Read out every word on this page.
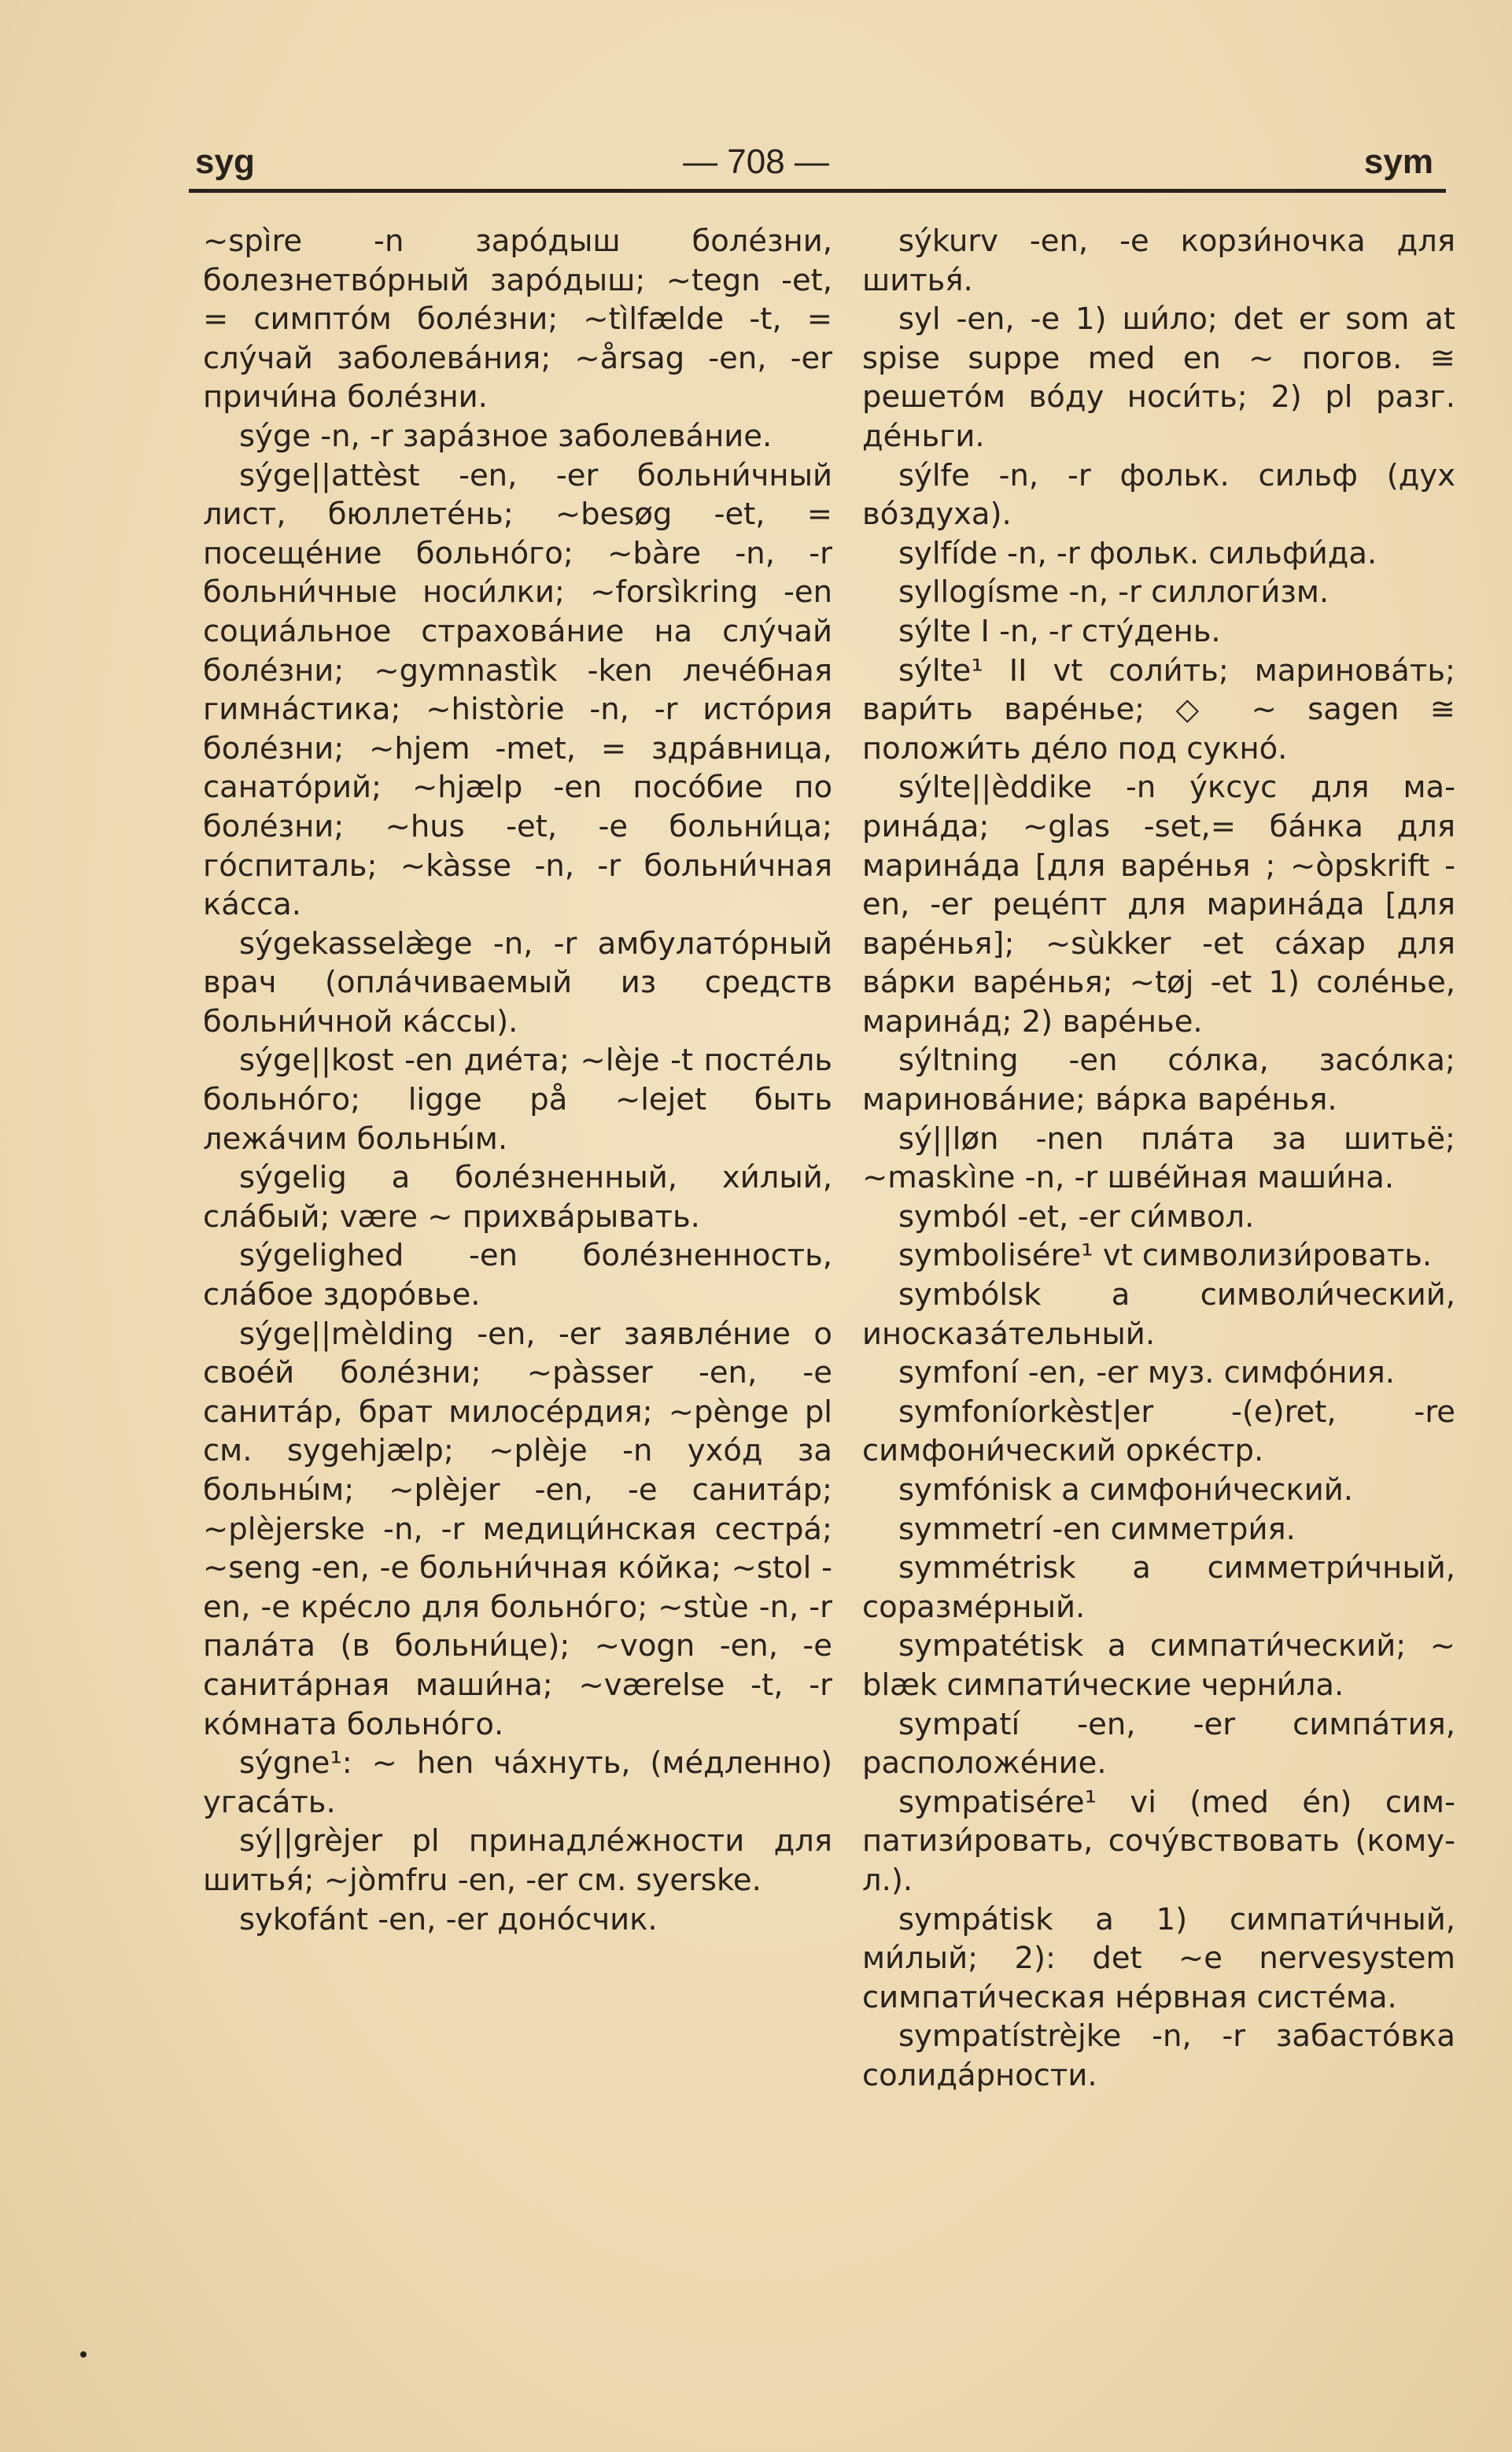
syg	— 708 —	sym

~spìre -n заро́дыш боле́зни, болезнетво́рный заро́дыш; ~tegn -et, = симпто́м боле́зни; ~tìlfælde -t, = слу́чай заболева́ния; ~årsag -en, -er причи́на боле́зни.

sýge -n, -r зара́зное заболева́ние.

sýge||attèst -en, -er больни́чный лист, бюллете́нь; ~besøg -et, = посеще́ние больно́го; ~bàre -n, -r больни́чные носи́лки; ~forsìkring -en социа́льное страхова́ние на слу́чай боле́зни; ~gymnastìk -ken лече́бная гимна́стика; ~històrie -n, -r исто́рия боле́зни; ~hjem -met, = здра́вница, санато́рий; ~hjælp -en посо́бие по боле́зни; ~hus -et, -e больни́ца; го́спиталь; ~kàsse -n, -r больни́чная ка́сса.

sýgekasselæ̀ge -n, -r амбулато́рный врач (опла́чиваемый из средств больни́чной ка́ссы).

sýge||kost -en дие́та; ~lèje -t посте́ль больно́го; ligge på ~lejet быть лежа́чим больны́м.

sýgelig a боле́зненный, хи́лый, сла́бый; være ~ прихва́рывать.

sýgelighed -en боле́зненность, сла́бое здоро́вье.

sýge||mèlding -en, -er заявле́ние о свое́й боле́зни; ~pàsser -en, -e санита́р, брат милосе́рдия; ~pènge pl см. sygehjælp; ~plèje -n ухо́д за больны́м; ~plèjer -en, -e санита́р; ~plèjerske -n, -r медици́нская сестра́; ~seng -en, -e больни́чная ко́йка; ~stol -en, -e кре́сло для больно́го; ~stùe -n, -r пала́та (в больни́це); ~vogn -en, -e санита́рная маши́на; ~værelse -t, -r ко́мната больно́го.

sýgne¹: ~ hen ча́хнуть, (ме́дленно) угаса́ть.

sý||grèjer pl принадле́жности для шитья́; ~jòmfru -en, -er см. syerske.

sykofánt -en, -er доно́счик.

sýkurv -en, -e корзи́ночка для шитья́.

syl -en, -e 1) ши́ло; det er som at spise suppe med en ~ погов. ≅ решето́м во́ду носи́ть; 2) pl разг. де́ньги.

sýlfe -n, -r фольк. сильф (дух во́здуха).

sylfíde -n, -r фольк. сильфи́да.

syllogísme -n, -r силлоги́зм.

sýlte I -n, -r сту́день.

sýlte¹ II vt соли́ть; маринова́ть; вари́ть варе́нье; ◇ ~ sagen ≅ положи́ть де́ло под сукно́.

sýlte||èddike -n у́ксус для марина́да; ~glas -set,= ба́нка для марина́да [для варе́нья ; ~òpskrift -en, -er реце́пт для марина́да [для варе́нья]; ~sùkker -et са́хар для ва́рки варе́нья; ~tøj -et 1) соле́нье, марина́д; 2) варе́нье.

sýltning -en со́лка, засо́лка; маринова́ние; ва́рка варе́нья.

sý||løn -nen пла́та за шитьё; ~maskìne -n, -r шве́йная маши́на.

symból -et, -er си́мвол.

symbolisére¹ vt символизи́ровать.

symbólsk a символи́ческий, иносказа́тельный.

symfoní -en, -er муз. симфо́ния.

symfoníorkèst|er -(e)ret, -re симфони́ческий орке́стр.

symfónisk a симфони́ческий.

symmetrí -en симметри́я.

symmétrisk a симметри́чный, соразме́рный.

sympatétisk a симпати́ческий; ~ blæk симпати́ческие черни́ла.

sympatí -en, -er симпа́тия, расположе́ние.

sympatisére¹ vi (med én) симпатизи́ровать, сочу́вствовать (кому-л.).

sympátisk a 1) симпати́чный, ми́лый; 2): det ~e nervesystem симпати́ческая не́рвная систе́ма.

sympatístrèjke -n, -r забасто́вка солида́рности.
